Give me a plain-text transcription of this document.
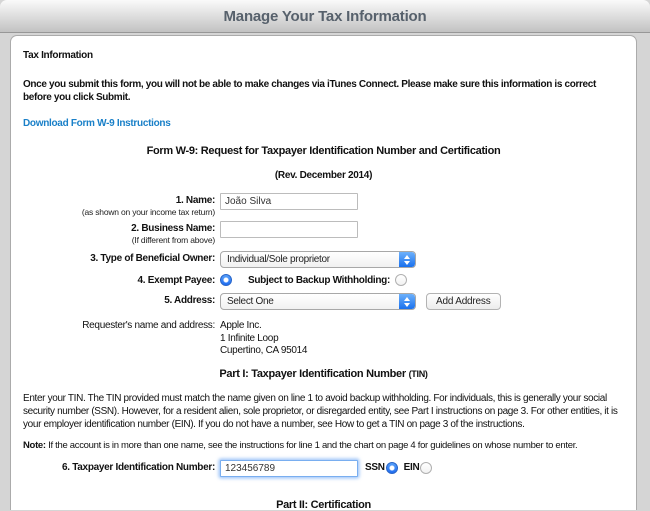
Manage Your Tax Information
Tax Information
Once you submit this form, you will not be able to make changes via iTunes Connect. Please make sure this information is correct before you click Submit.
Download Form W-9 Instructions
Form W-9: Request for Taxpayer Identification Number and Certification
(Rev. December 2014)
1. Name:
(as shown on your income tax return)
João Silva
2. Business Name:
(If different from above)
3. Type of Beneficial Owner:	Individual/Sole proprietor
4. Exempt Payee:	Subject to Backup Withholding:
5. Address:	Select One	Add Address
Requester's name and address: Apple Inc.
1 Infinite Loop
Cupertino, CA 95014
Part I: Taxpayer Identification Number (TIN)
Enter your TIN. The TIN provided must match the name given on line 1 to avoid backup withholding. For individuals, this is generally your social security number (SSN). However, for a resident alien, sole proprietor, or disregarded entity, see Part I instructions on page 3. For other entities, it is your employer identification number (EIN). If you do not have a number, see How to get a TIN on page 3 of the instructions.
Note: If the account is in more than one name, see the instructions for line 1 and the chart on page 4 for guidelines on whose number to enter.
6. Taxpayer Identification Number:
123456789	SSN EIN
Part II: Certification
